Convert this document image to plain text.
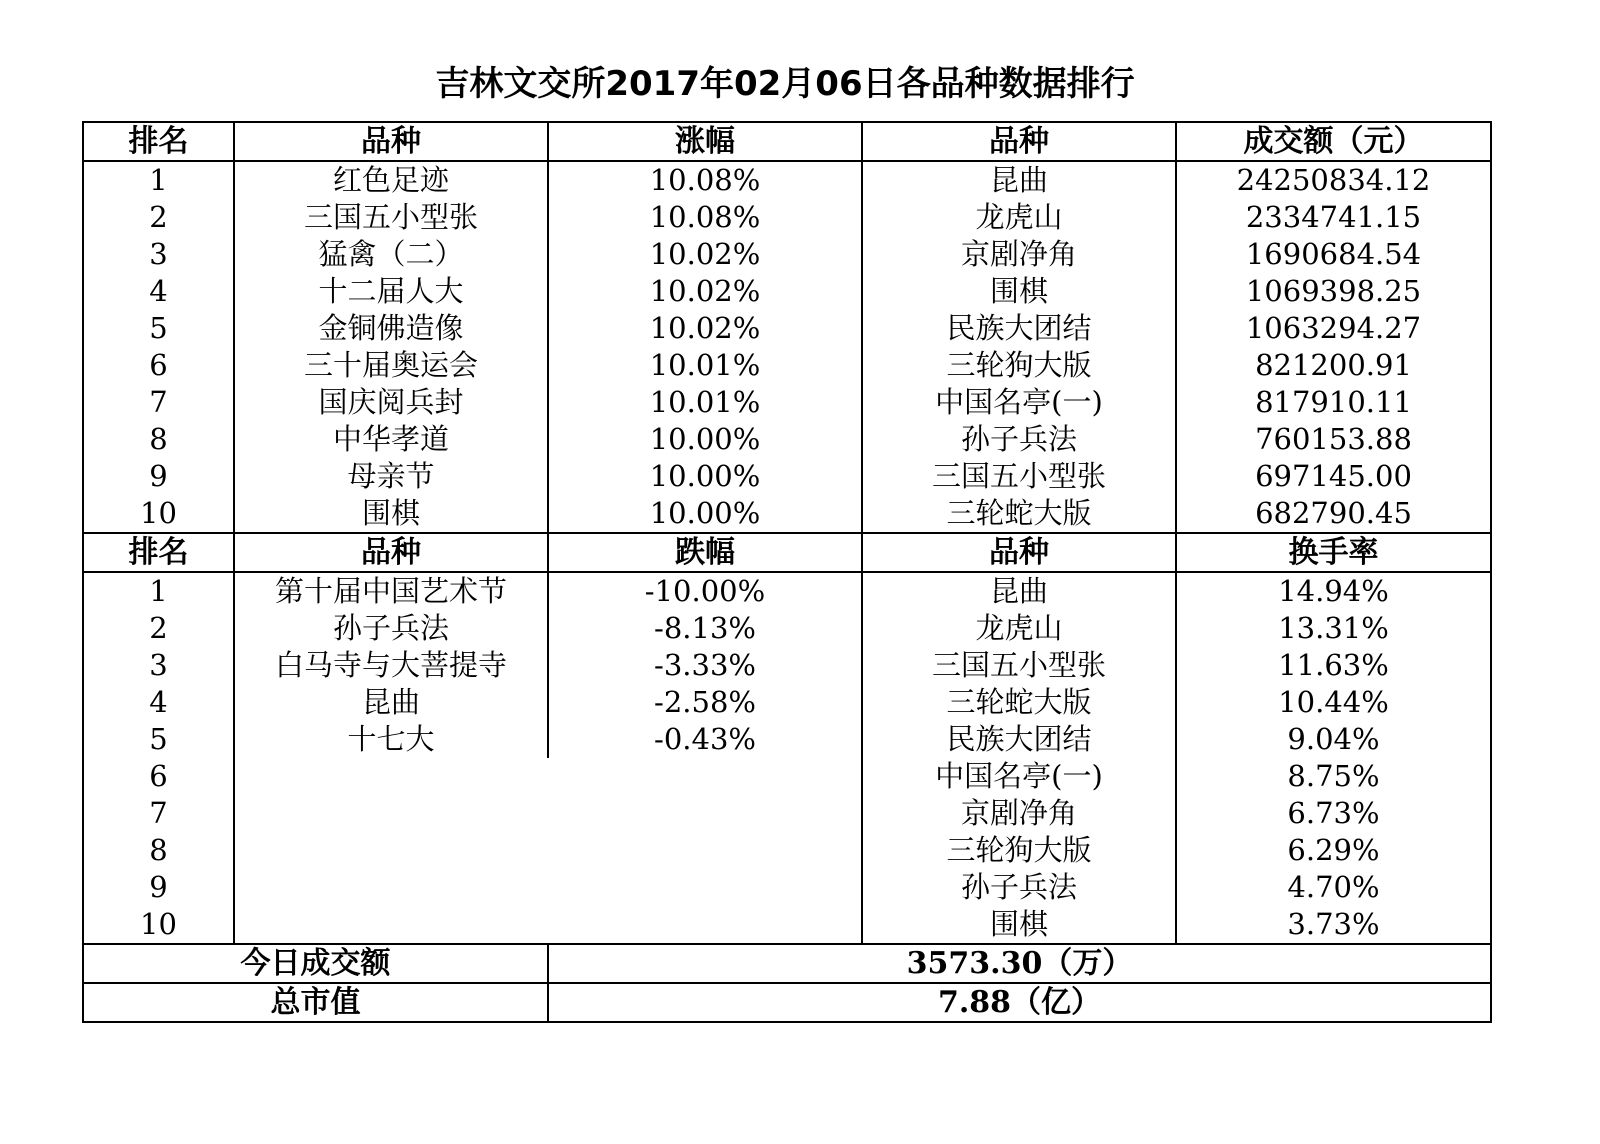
吉林文交所2017年02月06日各品种数据排行
排名	品种	涨幅	品种	成交额（元）
1	红色足迹	10.08%	昆曲	24250834.12
2	三国五小型张	10.08%	龙虎山	2334741.15
3	猛禽（二）	10.02%	京剧净角	1690684.54
4	十二届人大	10.02%	围棋	1069398.25
5	金铜佛造像	10.02%	民族大团结	1063294.27
6	三十届奥运会	10.01%	三轮狗大版	821200.91
7	国庆阅兵封	10.01%	中国名亭(一)	817910.11
8	中华孝道	10.00%	孙子兵法	760153.88
9	母亲节	10.00%	三国五小型张	697145.00
10	围棋	10.00%	三轮蛇大版	682790.45
排名	品种	跌幅	品种	换手率
1	第十届中国艺术节	-10.00%	昆曲	14.94%
2	孙子兵法	-8.13%	龙虎山	13.31%
3	白马寺与大菩提寺	-3.33%	三国五小型张	11.63%
4	昆曲	-2.58%	三轮蛇大版	10.44%
5	十七大	-0.43%	民族大团结	9.04%
6			中国名亭(一)	8.75%
7			京剧净角	6.73%
8			三轮狗大版	6.29%
9			孙子兵法	4.70%
10			围棋	3.73%
今日成交额		3573.30（万）		
总市值		7.88（亿）		
